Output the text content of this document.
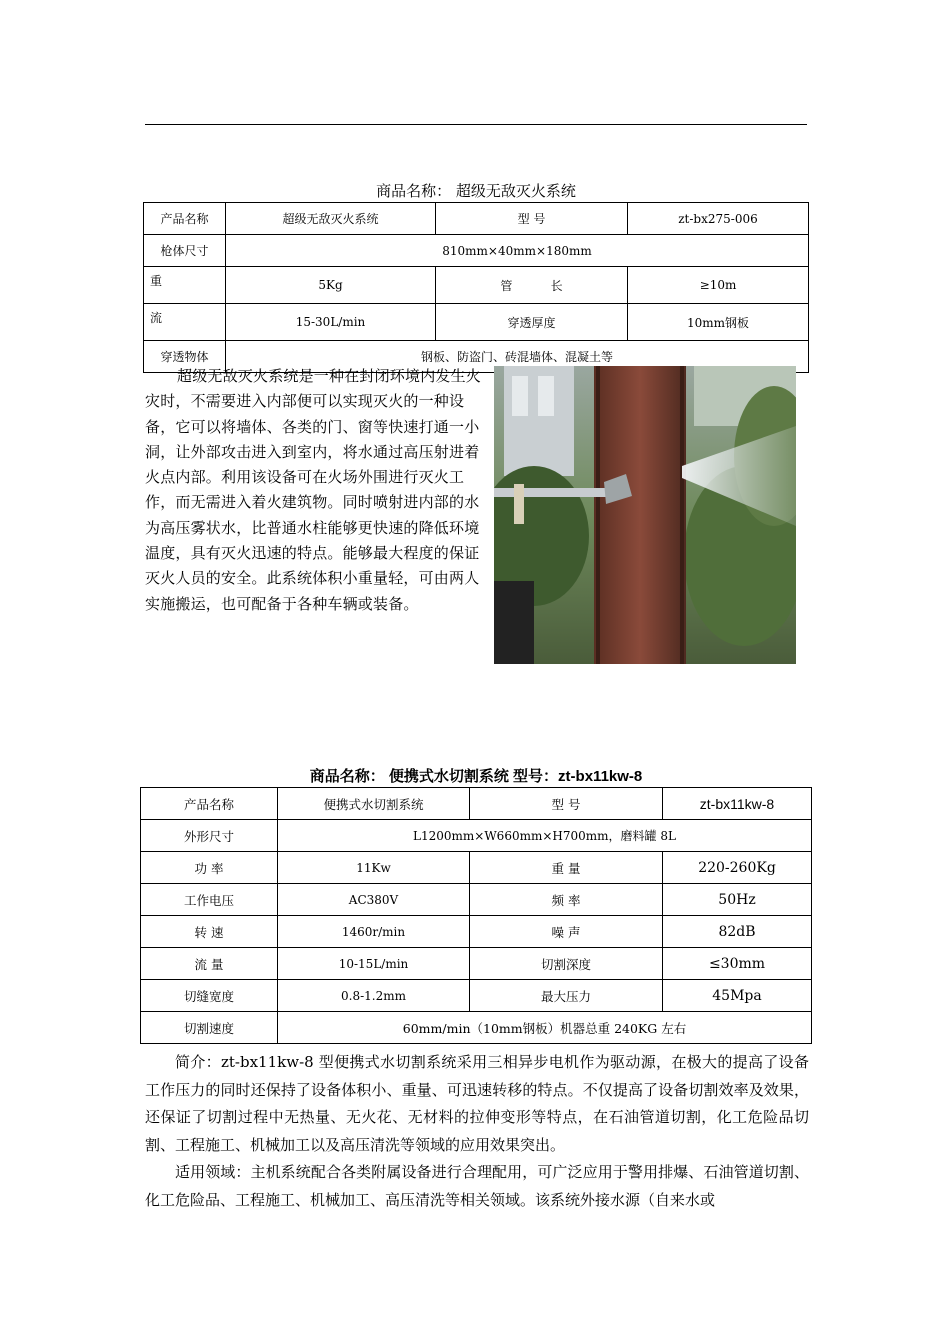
商品名称： 超级无敌灭火系统
产品名称	超级无敌灭火系统	型 号	zt-bx275-006
枪体尺寸	810mm×40mm×180mm		
重	5Kg	管          长	≥10m
流	15-30L/min	穿透厚度	10mm钢板
穿透物体	钢板、防盗门、砖混墙体、混凝土等		
超级无敌灭火系统是一种在封闭环境内发生火灾时，不需要进入内部便可以实现灭火的一种设备，它可以将墙体、各类的门、窗等快速打通一小洞，让外部攻击进入到室内，将水通过高压射进着火点内部。利用该设备可在火场外围进行灭火工作，而无需进入着火建筑物。同时喷射进内部的水为高压雾状水，比普通水柱能够更快速的降低环境温度，具有灭火迅速的特点。能够最大程度的保证灭火人员的安全。此系统体积小重量轻，可由两人实施搬运，也可配备于各种车辆或装备。
商品名称： 便携式水切割系统 型号：zt-bx11kw-8
产品名称	便携式水切割系统	型 号	zt-bx11kw-8
外形尺寸	L1200mm×W660mm×H700mm，磨料罐 8L		
功 率	11Kw	重 量	220-260Kg
工作电压	AC380V	频 率	50Hz
转 速	1460r/min	噪 声	82dB
流 量	10-15L/min	切割深度	≤30mm
切缝宽度	0.8-1.2mm	最大压力	45Mpa
切割速度	60mm/min（10mm钢板）机器总重 240KG 左右		

简介：zt-bx11kw-8 型便携式水切割系统采用三相异步电机作为驱动源，在极大的提高了设备工作压力的同时还保持了设备体积小、重量、可迅速转移的特点。不仅提高了设备切割效率及效果，还保证了切割过程中无热量、无火花、无材料的拉伸变形等特点，在石油管道切割，化工危险品切割、工程施工、机械加工以及高压清洗等领域的应用效果突出。

适用领域：主机系统配合各类附属设备进行合理配用，可广泛应用于警用排爆、石油管道切割、化工危险品、工程施工、机械加工、高压清洗等相关领域。该系统外接水源（自来水或
